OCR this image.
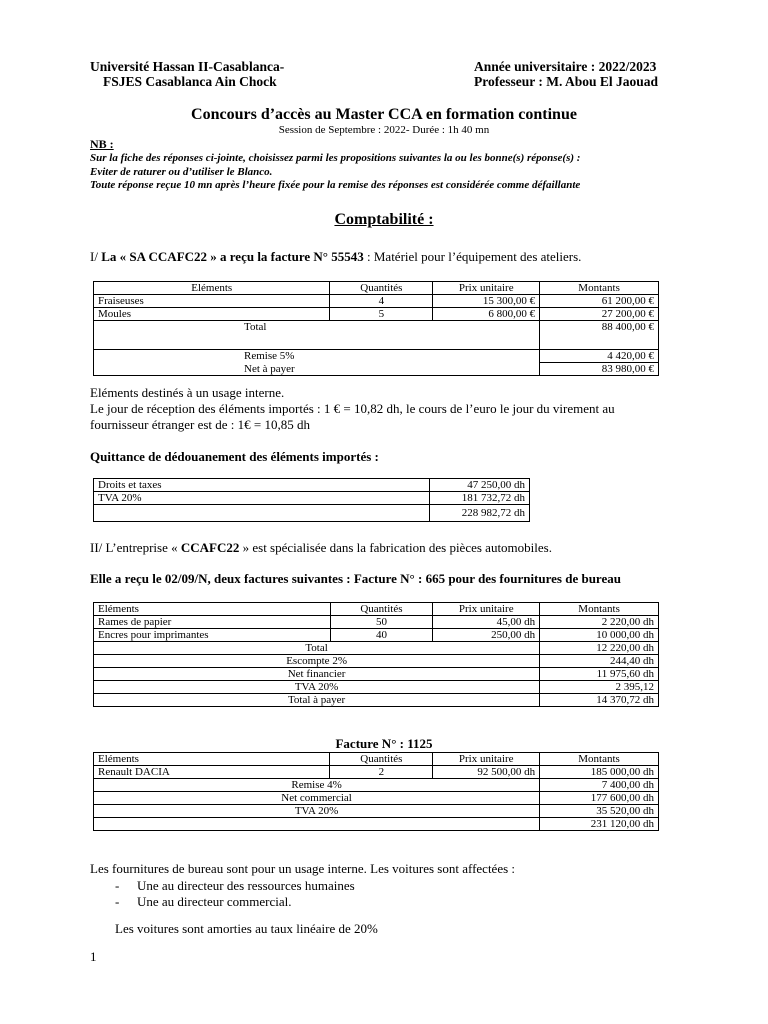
Université Hassan II-Casablanca-
FSJES Casablanca Ain Chock
Année universitaire : 2022/2023
Professeur : M. Abou El Jaouad
Concours d’accès au Master CCA en formation continue
Session de Septembre : 2022- Durée : 1h 40 mn
NB :
Sur la fiche des réponses ci-jointe, choisissez parmi les propositions suivantes la ou les bonne(s) réponse(s) :
Eviter de raturer ou d’utiliser le Blanco.
Toute réponse reçue 10 mn après l’heure fixée pour la remise des réponses est considérée comme défaillante
Comptabilité :
I/ La « SA CCAFC22 » a reçu la facture N° 55543 : Matériel pour l’équipement des ateliers.
Eléments	Quantités	Prix unitaire	Montants
Fraiseuses	4	15 300,00 €	61 200,00 €
Moules	5	6 800,00 €	27 200,00 €
Total			88 400,00 €
Remise 5%			4 420,00 €
Net à payer			83 980,00 €
Eléments destinés à un usage interne.
Le jour de réception des éléments importés : 1 € = 10,82 dh, le cours de l’euro le jour du virement au
fournisseur étranger est de : 1€ = 10,85 dh
Quittance de dédouanement des éléments importés :
Droits et taxes	47 250,00 dh
TVA 20%	181 732,72 dh
	228 982,72 dh
II/ L’entreprise « CCAFC22 » est spécialisée dans la fabrication des pièces automobiles.
Elle a reçu le 02/09/N, deux factures suivantes : Facture N° : 665 pour des fournitures de bureau
Eléments	Quantités	Prix unitaire	Montants
Rames de papier	50	45,00 dh	2 220,00 dh
Encres pour imprimantes	40	250,00 dh	10 000,00 dh
Total			12 220,00 dh
Escompte 2%			244,40 dh
Net financier			11 975,60 dh
TVA 20%			2 395,12
Total à payer			14 370,72 dh
Facture N° : 1125
Eléments	Quantités	Prix unitaire	Montants
Renault DACIA	2	92 500,00 dh	185 000,00 dh
Remise 4%			7 400,00 dh
Net commercial			177 600,00 dh
TVA 20%			35 520,00 dh
			231 120,00 dh
Les fournitures de bureau sont pour un usage interne. Les voitures sont affectées :
- Une au directeur des ressources humaines
- Une au directeur commercial.
Les voitures sont amorties au taux linéaire de 20%
1
